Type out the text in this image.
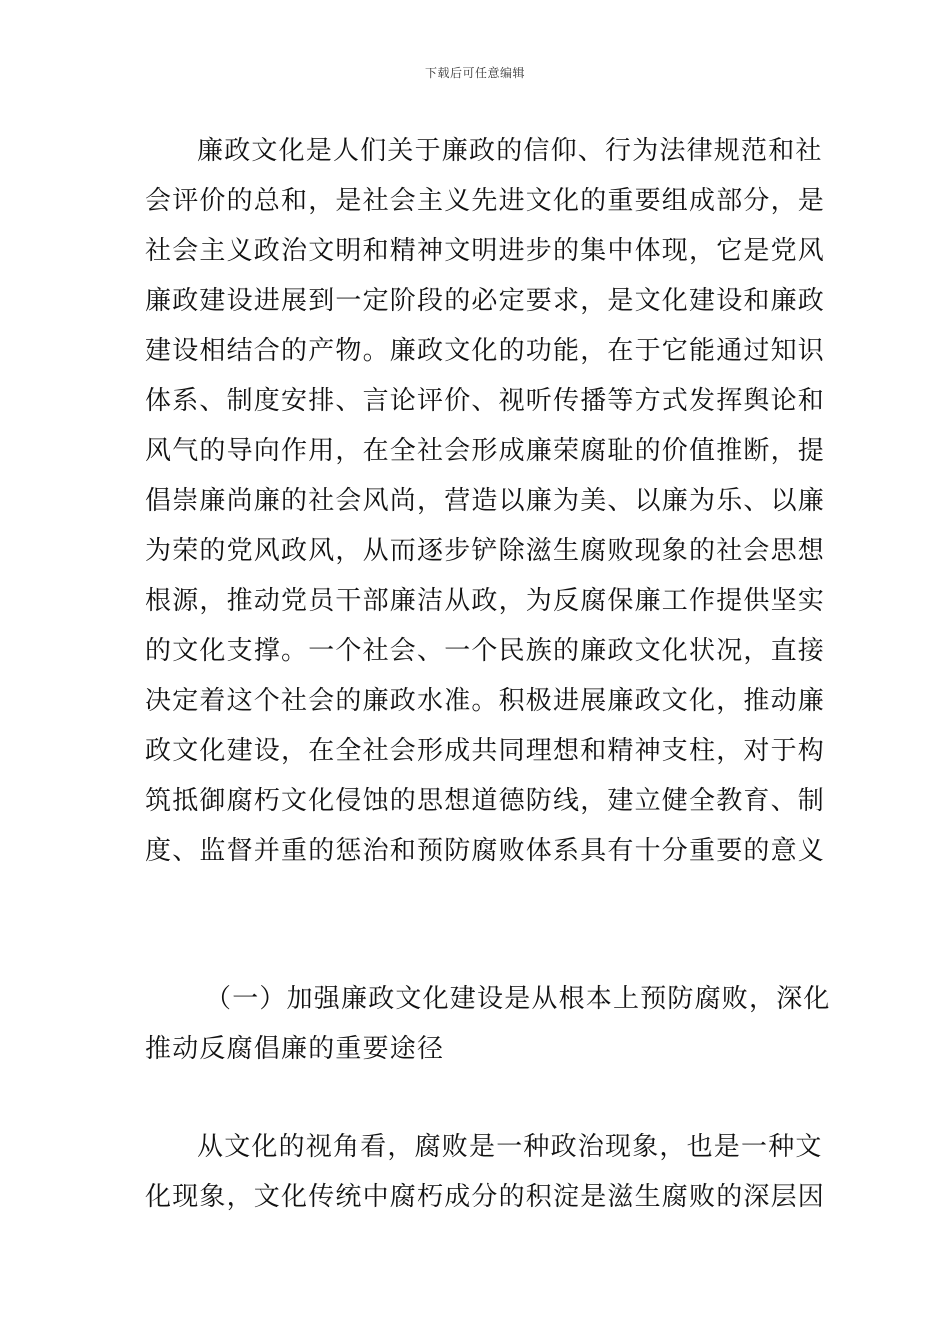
下载后可任意编辑
廉政文化是人们关于廉政的信仰、行为法律规范和社
会评价的总和，是社会主义先进文化的重要组成部分，是
社会主义政治文明和精神文明进步的集中体现，它是党风
廉政建设进展到一定阶段的必定要求，是文化建设和廉政
建设相结合的产物。廉政文化的功能，在于它能通过知识
体系、制度安排、言论评价、视听传播等方式发挥舆论和
风气的导向作用，在全社会形成廉荣腐耻的价值推断，提
倡崇廉尚廉的社会风尚，营造以廉为美、以廉为乐、以廉
为荣的党风政风，从而逐步铲除滋生腐败现象的社会思想
根源，推动党员干部廉洁从政，为反腐保廉工作提供坚实
的文化支撑。一个社会、一个民族的廉政文化状况，直接
决定着这个社会的廉政水准。积极进展廉政文化，推动廉
政文化建设，在全社会形成共同理想和精神支柱，对于构
筑抵御腐朽文化侵蚀的思想道德防线，建立健全教育、制
度、监督并重的惩治和预防腐败体系具有十分重要的意义
（一）加强廉政文化建设是从根本上预防腐败，深化
推动反腐倡廉的重要途径
从文化的视角看，腐败是一种政治现象，也是一种文
化现象，文化传统中腐朽成分的积淀是滋生腐败的深层因
